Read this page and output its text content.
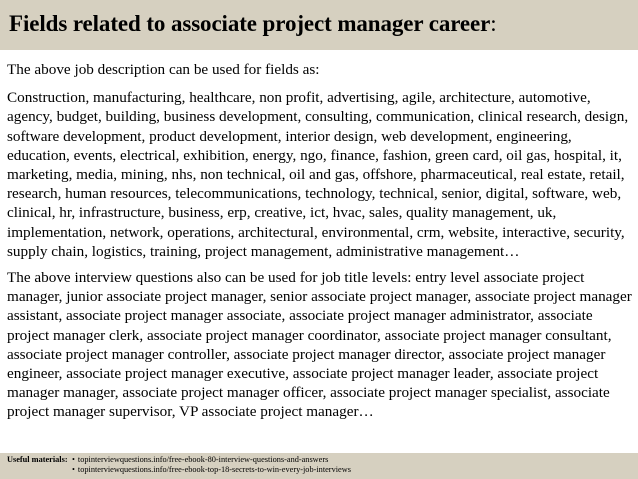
Fields related to associate project manager career:

The above job description can be used for fields as:

Construction, manufacturing, healthcare, non profit, advertising, agile, architecture, automotive, agency, budget, building, business development, consulting, communication, clinical research, design, software development, product development, interior design, web development, engineering, education, events, electrical, exhibition, energy, ngo, finance, fashion, green card, oil gas, hospital, it, marketing, media, mining, nhs, non technical, oil and gas, offshore, pharmaceutical, real estate, retail, research, human resources, telecommunications, technology, technical, senior, digital, software, web, clinical, hr, infrastructure, business, erp, creative, ict, hvac, sales, quality management, uk, implementation, network, operations, architectural, environmental, crm, website, interactive, security, supply chain, logistics, training, project management, administrative management…

The above interview questions also can be used for job title levels: entry level associate project manager, junior associate project manager, senior associate project manager, associate project manager assistant, associate project manager associate, associate project manager administrator, associate project manager clerk, associate project manager coordinator, associate project manager consultant, associate project manager controller, associate project manager director, associate project manager engineer, associate project manager executive, associate project manager leader, associate project manager manager, associate project manager officer, associate project manager specialist, associate project manager supervisor, VP associate project manager…

Useful materials: • topinterviewquestions.info/free-ebook-80-interview-questions-and-answers
• topinterviewquestions.info/free-ebook-top-18-secrets-to-win-every-job-interviews
